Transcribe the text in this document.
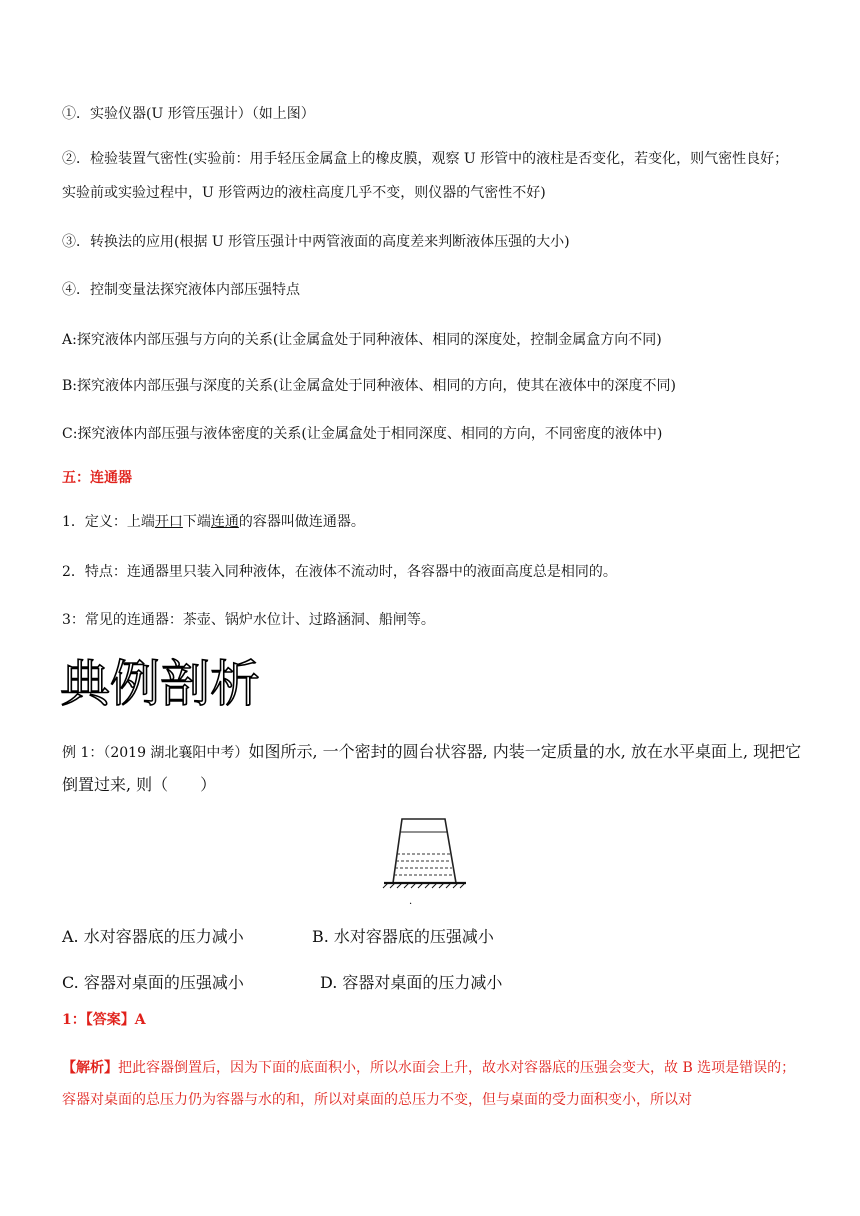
①．实验仪器(U 形管压强计）（如上图）
②．检验装置气密性(实验前：用手轻压金属盒上的橡皮膜，观察 U 形管中的液柱是否变化，若变化，则气密性良好；实验前或实验过程中，U 形管两边的液柱高度几乎不变，则仪器的气密性不好)
③．转换法的应用(根据 U 形管压强计中两管液面的高度差来判断液体压强的大小)
④．控制变量法探究液体内部压强特点
A:探究液体内部压强与方向的关系(让金属盒处于同种液体、相同的深度处，控制金属盒方向不同)
B:探究液体内部压强与深度的关系(让金属盒处于同种液体、相同的方向，使其在液体中的深度不同)
C:探究液体内部压强与液体密度的关系(让金属盒处于相同深度、相同的方向，不同密度的液体中)
五：连通器
1．定义：上端开口下端连通的容器叫做连通器。
2．特点：连通器里只装入同种液体，在液体不流动时，各容器中的液面高度总是相同的。
3：常见的连通器：茶壶、锅炉水位计、过路涵洞、船闸等。
典例剖析
例 1：（2019 湖北襄阳中考）如图所示, 一个密封的圆台状容器, 内装一定质量的水, 放在水平桌面上, 现把它倒置过来, 则（　　）
.
A. 水对容器底的压力减小	B. 水对容器底的压强减小
C. 容器对桌面的压强减小	D. 容器对桌面的压力减小
1：【答案】A
【解析】把此容器倒置后，因为下面的底面积小，所以水面会上升，故水对容器底的压强会变大，故 B 选项是错误的；容器对桌面的总压力仍为容器与水的和，所以对桌面的总压力不变，但与桌面的受力面积变小，所以对
